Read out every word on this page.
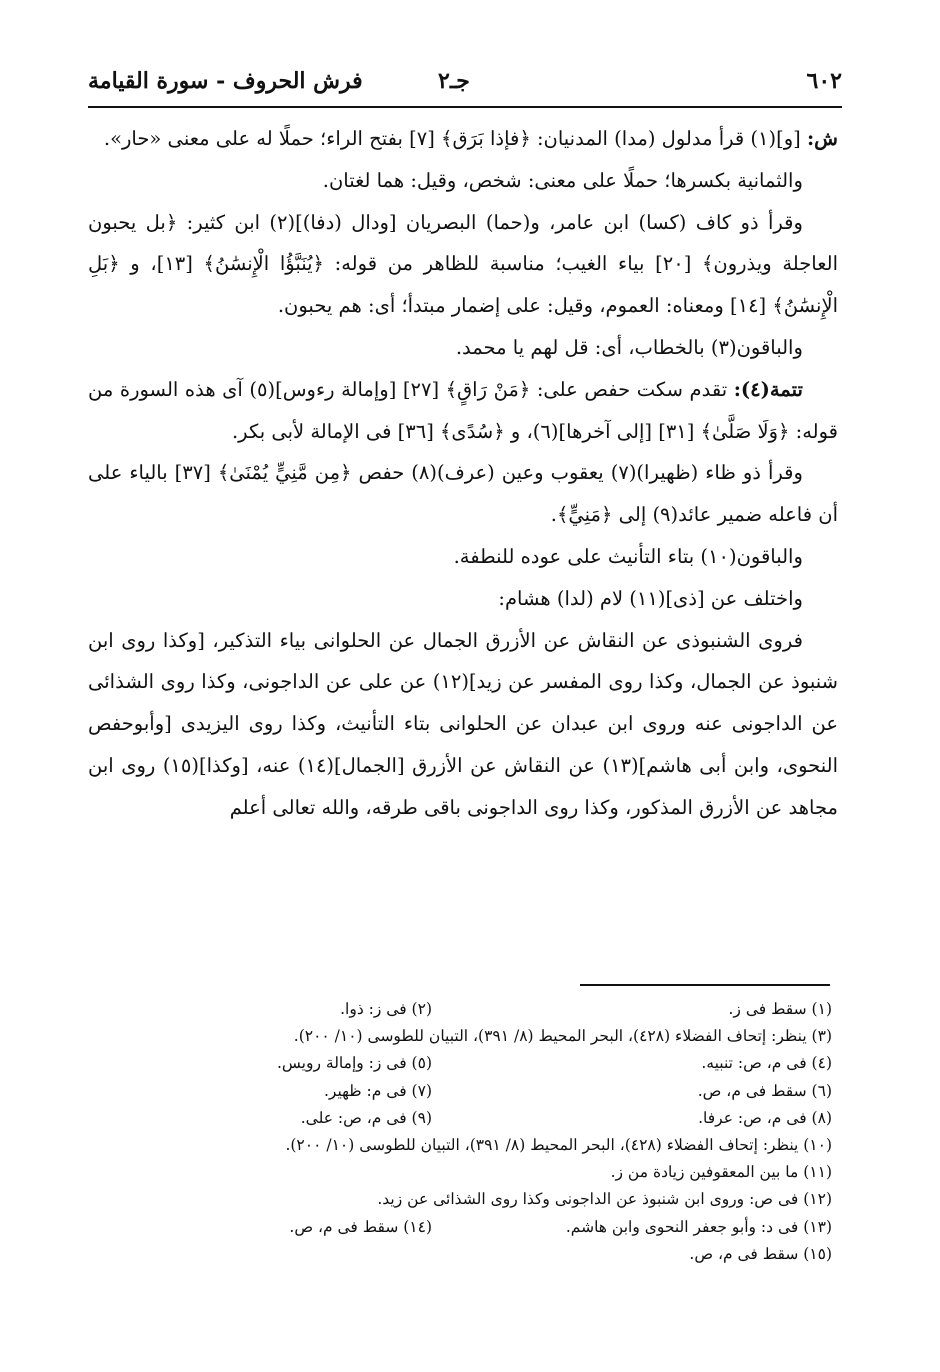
٦٠٢
جـ٢
فرش الحروف - سورة القيامة

ش: [و](١) قرأ مدلول (مدا) المدنيان: ﴿فإذا بَرَق﴾ [٧] بفتح الراء؛ حملًا له على معنى «حار».

والثمانية بكسرها؛ حملًا على معنى: شخص، وقيل: هما لغتان.

وقرأ ذو كاف (كسا) ابن عامر، و(حما) البصريان [ودال (دفا)](٢) ابن كثير: ﴿بل يحبون العاجلة ويذرون﴾ [٢٠] بياء الغيب؛ مناسبة للظاهر من قوله: ﴿يُنَبَّؤُا الْإِنسَٰنُ﴾ [١٣]، و ﴿بَلِ الْإِنسَٰنُ﴾ [١٤] ومعناه: العموم، وقيل: على إضمار مبتدأ؛ أى: هم يحبون.

والباقون(٣) بالخطاب، أى: قل لهم يا محمد.

تتمة(٤): تقدم سكت حفص على: ﴿مَنْ رَاقٍ﴾ [٢٧] [وإمالة رءوس](٥) آى هذه السورة من قوله: ﴿وَلَا صَلَّىٰ﴾ [٣١] [إلى آخرها](٦)، و ﴿سُدًى﴾ [٣٦] فى الإمالة لأبى بكر.

وقرأ ذو ظاء (ظهيرا)(٧) يعقوب وعين (عرف)(٨) حفص ﴿مِن مَّنِيٍّ يُمْنَىٰ﴾ [٣٧] بالياء على أن فاعله ضمير عائد(٩) إلى ﴿مَنِيٍّ﴾.

والباقون(١٠) بتاء التأنيث على عوده للنطفة.

واختلف عن [ذى](١١) لام (لدا) هشام:

فروى الشنبوذى عن النقاش عن الأزرق الجمال عن الحلوانى بياء التذكير، [وكذا روى ابن شنبوذ عن الجمال، وكذا روى المفسر عن زيد](١٢) عن على عن الداجونى، وكذا روى الشذائى عن الداجونى عنه وروى ابن عبدان عن الحلوانى بتاء التأنيث، وكذا روى اليزيدى [وأبوحفص النحوى، وابن أبى هاشم](١٣) عن النقاش عن الأزرق [الجمال](١٤) عنه، [وكذا](١٥) روى ابن مجاهد عن الأزرق المذكور، وكذا روى الداجونى باقى طرقه، والله تعالى أعلم

(١) سقط فى ز.
(٢) فى ز: ذوا.
(٣) ينظر: إتحاف الفضلاء (٤٢٨)، البحر المحيط (٨/ ٣٩١)، التبيان للطوسى (١٠/ ٢٠٠).
(٤) فى م، ص: تنبيه.
(٥) فى ز: وإمالة رويس.
(٦) سقط فى م، ص.
(٧) فى م: ظهير.
(٨) فى م، ص: عرفا.
(٩) فى م، ص: على.
(١٠) ينظر: إتحاف الفضلاء (٤٢٨)، البحر المحيط (٨/ ٣٩١)، التبيان للطوسى (١٠/ ٢٠٠).
(١١) ما بين المعقوفين زيادة من ز.
(١٢) فى ص: وروى ابن شنبوذ عن الداجونى وكذا روى الشذائى عن زيد.
(١٣) فى د: وأبو جعفر النحوى وابن هاشم.
(١٤) سقط فى م، ص.
(١٥) سقط فى م، ص.
